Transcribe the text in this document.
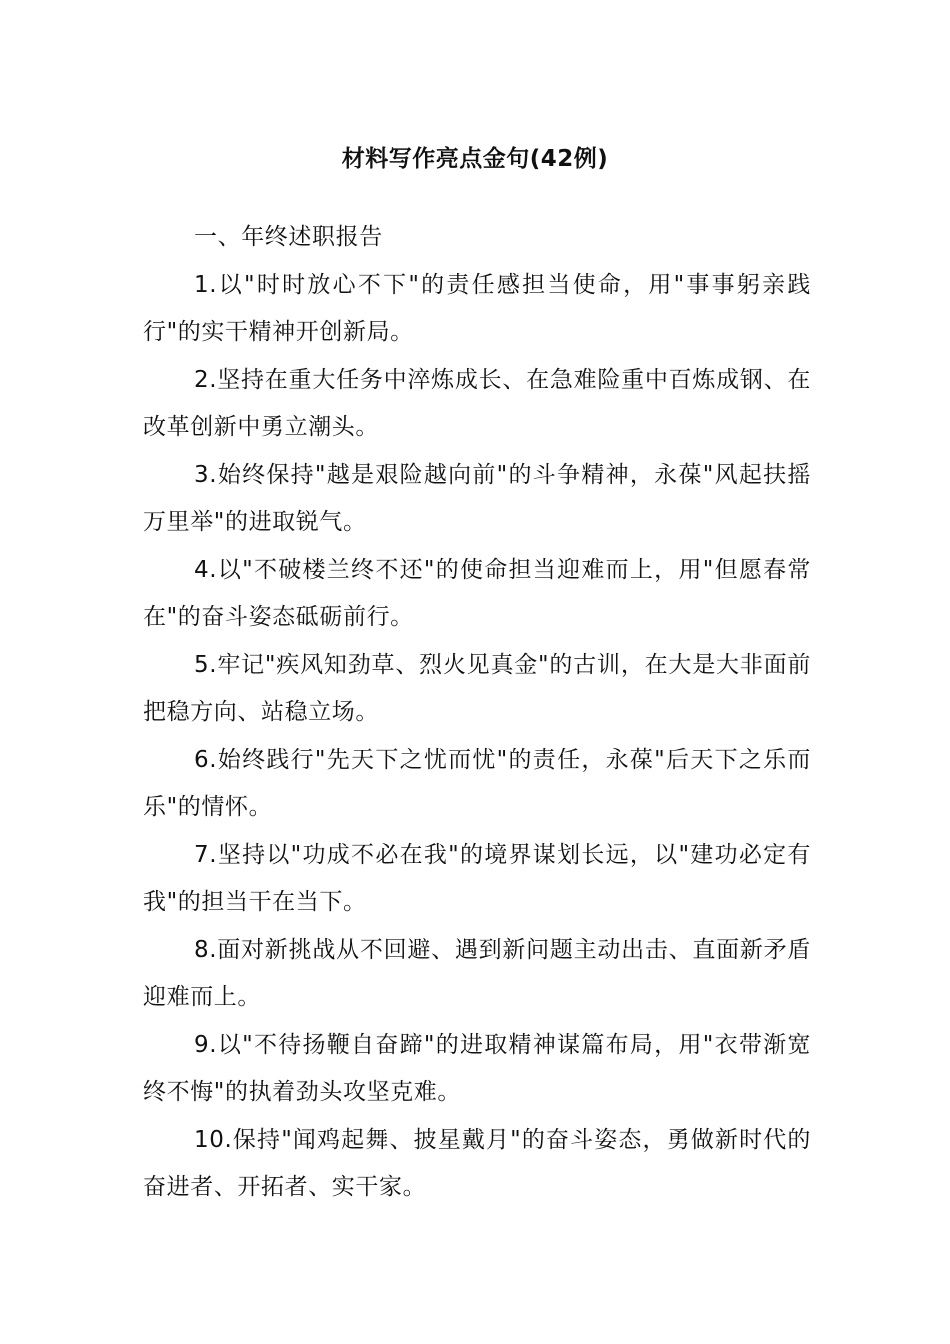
材料写作亮点金句(42例)

一、年终述职报告

1.以"时时放心不下"的责任感担当使命，用"事事躬亲践行"的实干精神开创新局。

2.坚持在重大任务中淬炼成长、在急难险重中百炼成钢、在改革创新中勇立潮头。

3.始终保持"越是艰险越向前"的斗争精神，永葆"风起扶摇万里举"的进取锐气。

4.以"不破楼兰终不还"的使命担当迎难而上，用"但愿春常在"的奋斗姿态砥砺前行。

5.牢记"疾风知劲草、烈火见真金"的古训，在大是大非面前把稳方向、站稳立场。

6.始终践行"先天下之忧而忧"的责任，永葆"后天下之乐而乐"的情怀。

7.坚持以"功成不必在我"的境界谋划长远，以"建功必定有我"的担当干在当下。

8.面对新挑战从不回避、遇到新问题主动出击、直面新矛盾迎难而上。

9.以"不待扬鞭自奋蹄"的进取精神谋篇布局，用"衣带渐宽终不悔"的执着劲头攻坚克难。

10.保持"闻鸡起舞、披星戴月"的奋斗姿态，勇做新时代的奋进者、开拓者、实干家。
